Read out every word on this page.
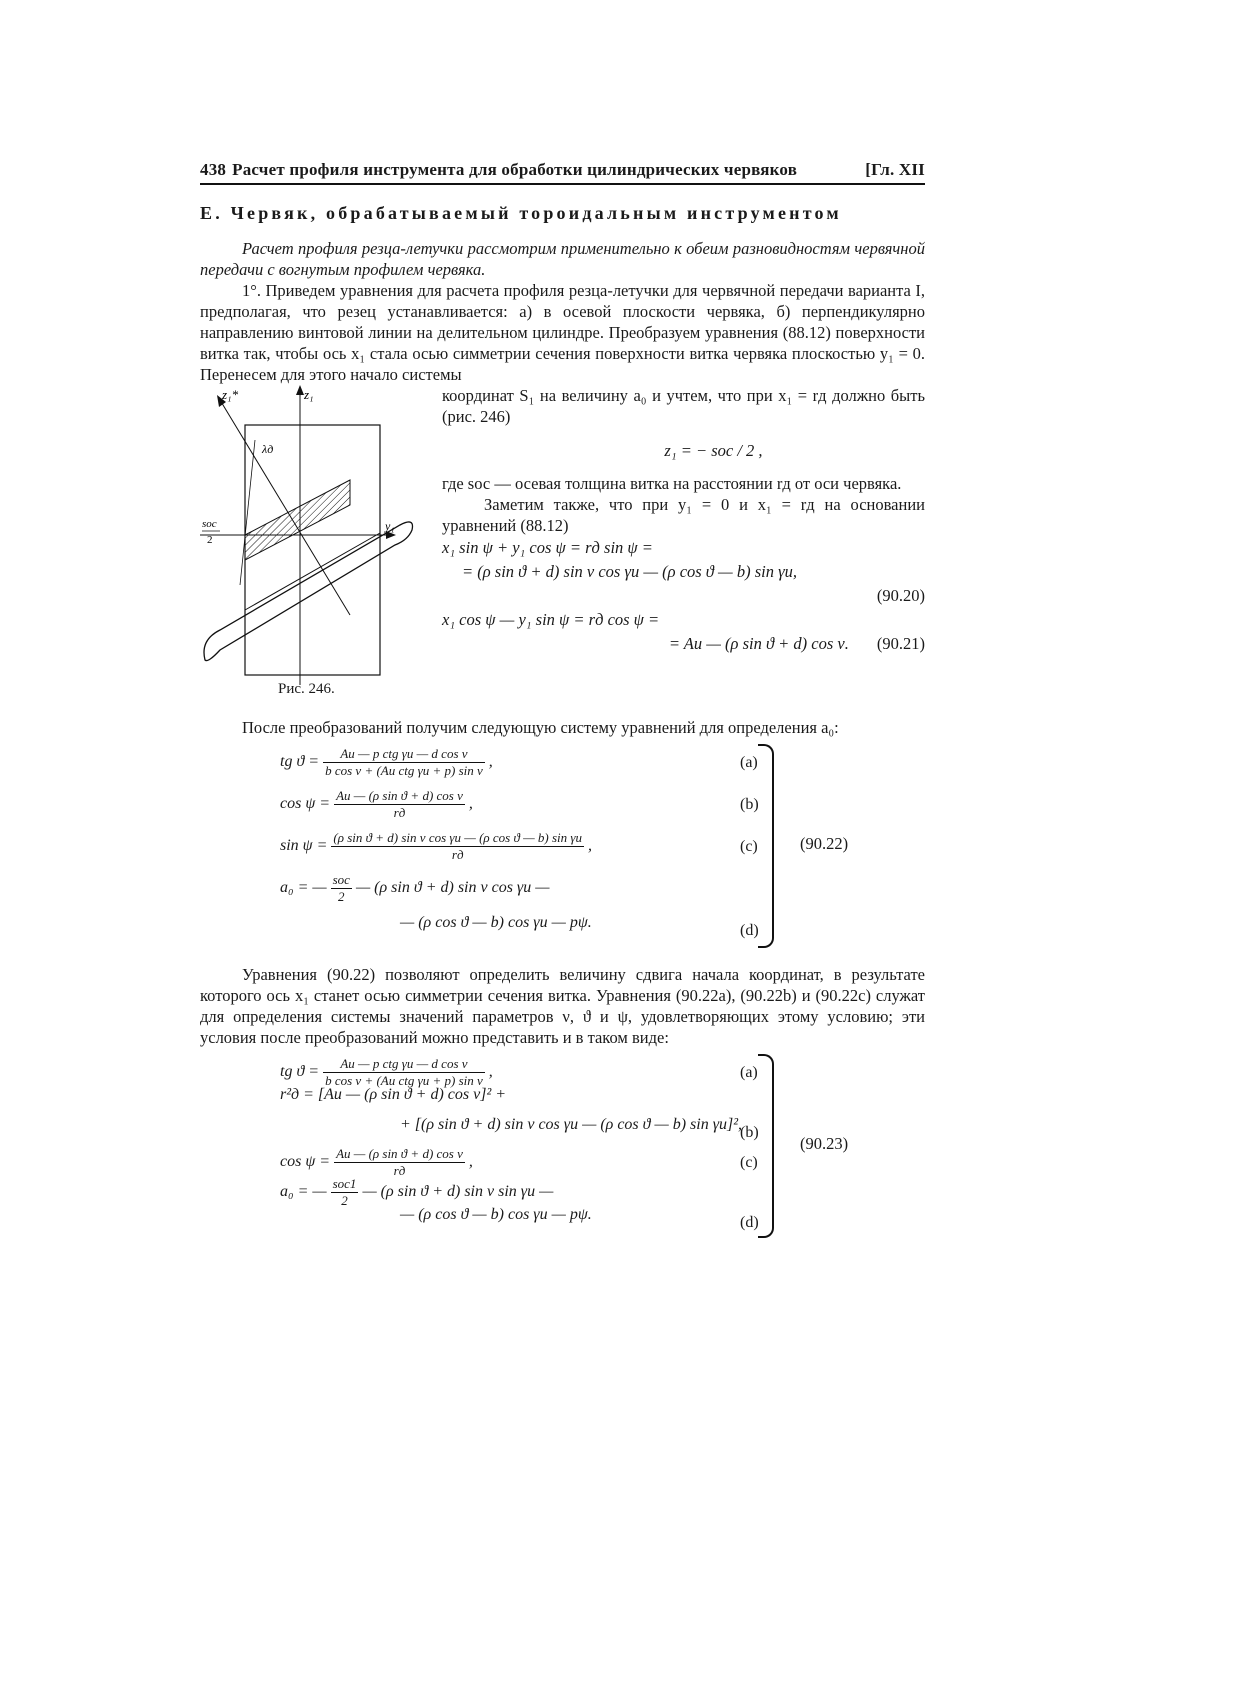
438 Расчет профиля инструмента для обработки цилиндрических червяков	[Гл. XII
Е. Червяк, обрабатываемый тороидальным инструментом

Расчет профиля резца-летучки рассмотрим применительно к обеим разновидностям червячной передачи с вогнутым профилем червяка.

1°. Приведем уравнения для расчета профиля резца-летучки для червячной передачи варианта I, предполагая, что резец устанавливается: а) в осевой плоскости червяка, б) перпендикулярно направлению винтовой линии на делительном цилиндре. Преобразуем уравнения (88.12) поверхности витка так, чтобы ось x₁ стала осью симметрии сечения поверхности витка червяка плоскостью y₁ = 0. Перенесем для этого начало системы

z₁*	z₁
λд
y₁
sос
2
Рис. 246.

координат S₁ на величину a₀ и учтем, что при x₁ = rд должно быть (рис. 246)

z₁ = − sос / 2 ,

где sос — осевая толщина витка на расстоянии rд от оси червяка.

Заметим также, что при y₁ = 0 и x₁ = rд на основании уравнений (88.12)

x₁ sin ψ + y₁ cos ψ = rд sin ψ =
= (ρ sin ϑ + d) sin ν cos γи — (ρ cos ϑ — b) sin γи,
(90.20)
x₁ cos ψ — y₁ sin ψ = rд cos ψ =
= Aи — (ρ sin ϑ + d) cos ν. (90.21)

После преобразований получим следующую систему уравнений для определения a₀:

(90.22)
tg $ϑ = \frac{\text{Aи — p ctg γи — d cos ν}}{\text{b cos ν + (Aи ctg γи + p) sin ν}}$ ,	(a)
$\cos \psi = \frac{\text{Aи — (ρ sin ϑ + d) cos ν}}{rд}$ ,	(b)
$\sin \psi = \frac{\text{(ρ sin ϑ + d) sin ν cos γи — (ρ cos ϑ — b) sin γи}}{rд}$ ,	(c)
a₀ = — $\frac{\text{sос}}{2}$ — (ρ sin ϑ + d) sin ν cos γи —
— (ρ cos ϑ — b) cos γи — pψ.	(d)

Уравнения (90.22) позволяют определить величину сдвига начала координат, в результате которого ось x₁ станет осью симметрии сечения витка. Уравнения (90.22a), (90.22b) и (90.22c) служат для определения системы значений параметров ν, ϑ и ψ, удовлетворяющих этому условию; эти условия после преобразований можно представить и в таком виде:

(90.23)
tg $ϑ = \frac{\text{Aи — p ctg γи — d cos ν}}{\text{b cos ν + (Aи ctg γи + p) sin ν}}$ ,	(a)
r²д = [Aи — (ρ sin ϑ + d) cos ν]² +
+ [(ρ sin ϑ + d) sin ν cos γи — (ρ cos ϑ — b) sin γи]²,
(b)
$\cos \psi = \frac{\text{Aи — (ρ sin ϑ + d) cos ν}}{rд}$ ,	(c)
a₀ = — $\frac{\text{sос1}}{2}$ — (ρ sin ϑ + d) sin ν sin γи —
— (ρ cos ϑ — b) cos γи — pψ.	(d)
